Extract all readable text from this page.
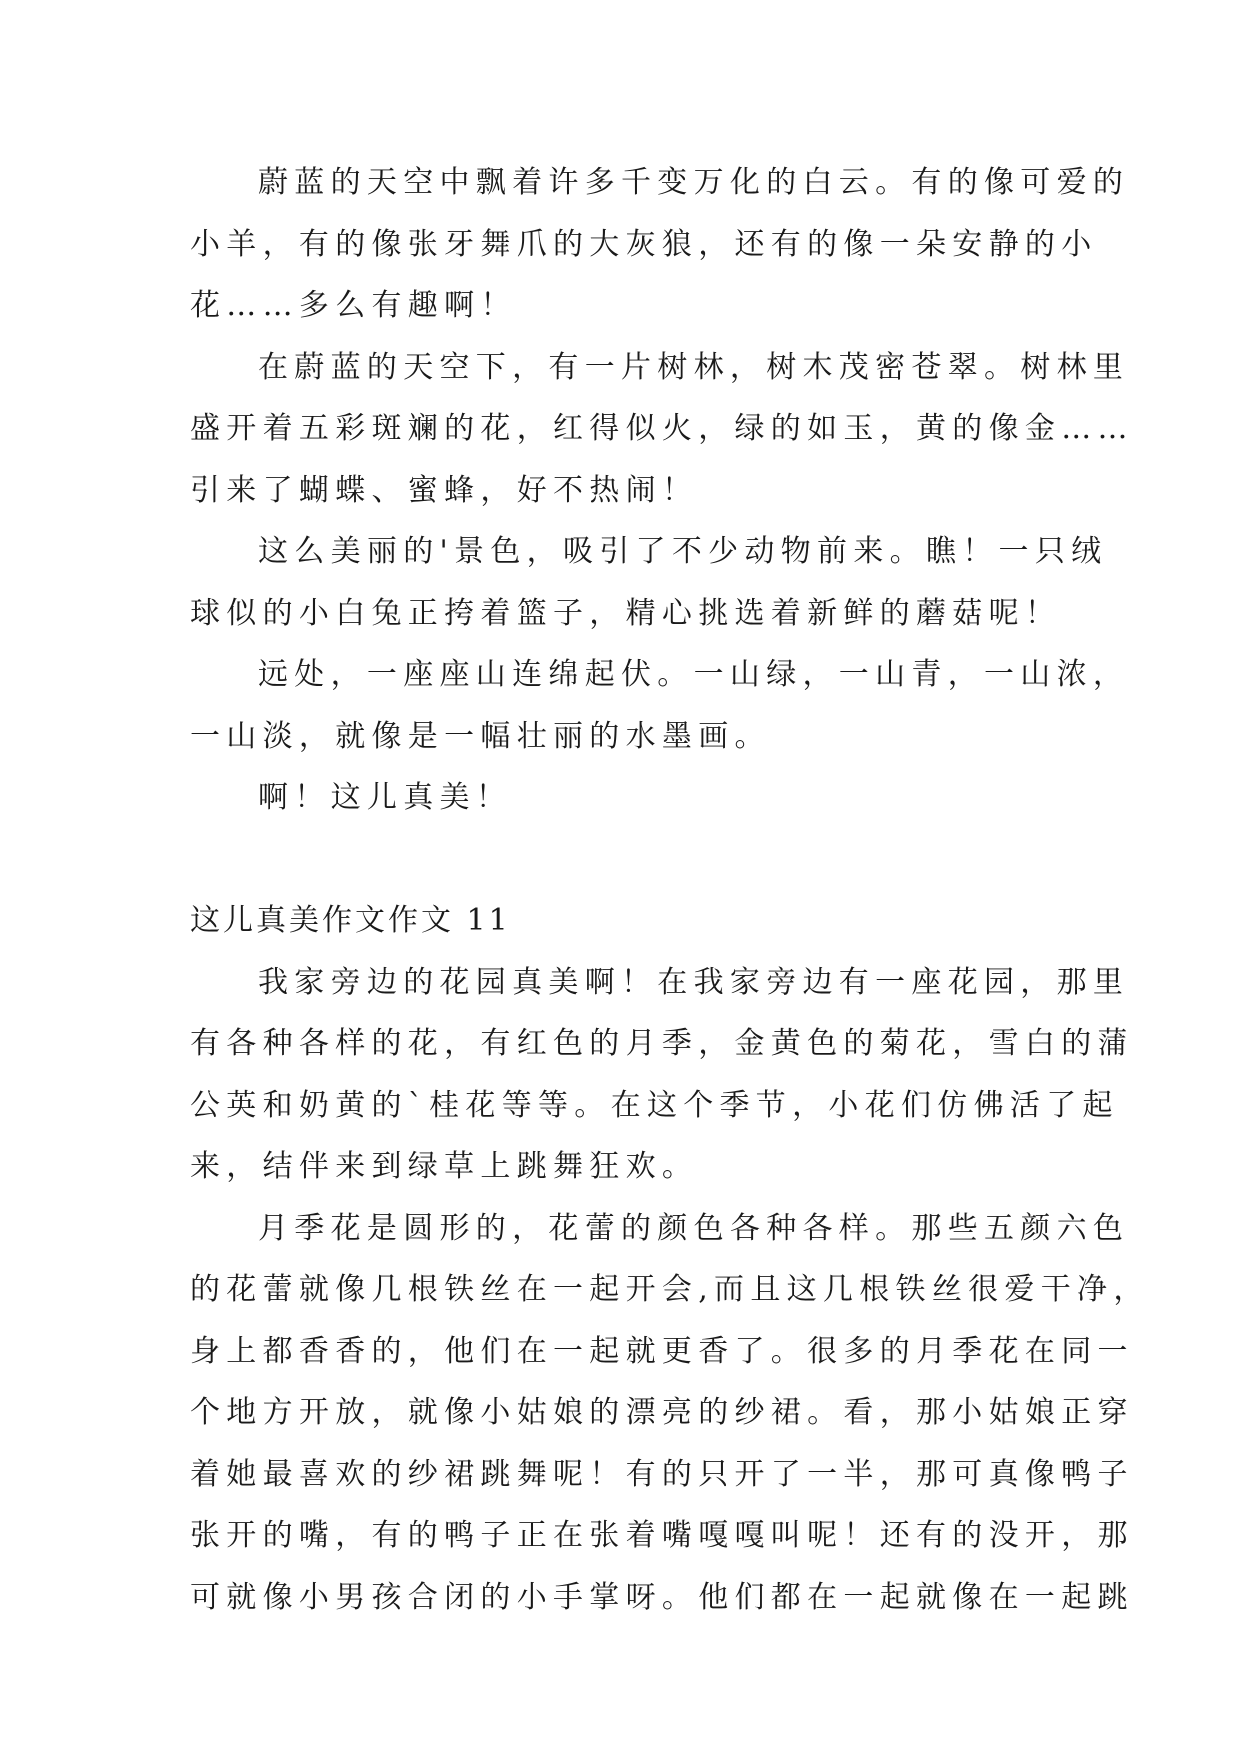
蔚蓝的天空中飘着许多千变万化的白云。有的像可爱的
小羊，有的像张牙舞爪的大灰狼，还有的像一朵安静的小
花……多么有趣啊！
在蔚蓝的天空下，有一片树林，树木茂密苍翠。树林里
盛开着五彩斑斓的花，红得似火，绿的如玉，黄的像金……
引来了蝴蝶、蜜蜂，好不热闹！
这么美丽的'景色，吸引了不少动物前来。瞧！一只绒
球似的小白兔正挎着篮子，精心挑选着新鲜的蘑菇呢！
远处，一座座山连绵起伏。一山绿，一山青，一山浓，
一山淡，就像是一幅壮丽的水墨画。
啊！这儿真美！
这儿真美作文作文 11
我家旁边的花园真美啊！在我家旁边有一座花园，那里
有各种各样的花，有红色的月季，金黄色的菊花，雪白的蒲
公英和奶黄的`桂花等等。在这个季节，小花们仿佛活了起
来，结伴来到绿草上跳舞狂欢。
月季花是圆形的，花蕾的颜色各种各样。那些五颜六色
的花蕾就像几根铁丝在一起开会,而且这几根铁丝很爱干净，
身上都香香的，他们在一起就更香了。很多的月季花在同一
个地方开放，就像小姑娘的漂亮的纱裙。看，那小姑娘正穿
着她最喜欢的纱裙跳舞呢！有的只开了一半，那可真像鸭子
张开的嘴，有的鸭子正在张着嘴嘎嘎叫呢！还有的没开，那
可就像小男孩合闭的小手掌呀。他们都在一起就像在一起跳
